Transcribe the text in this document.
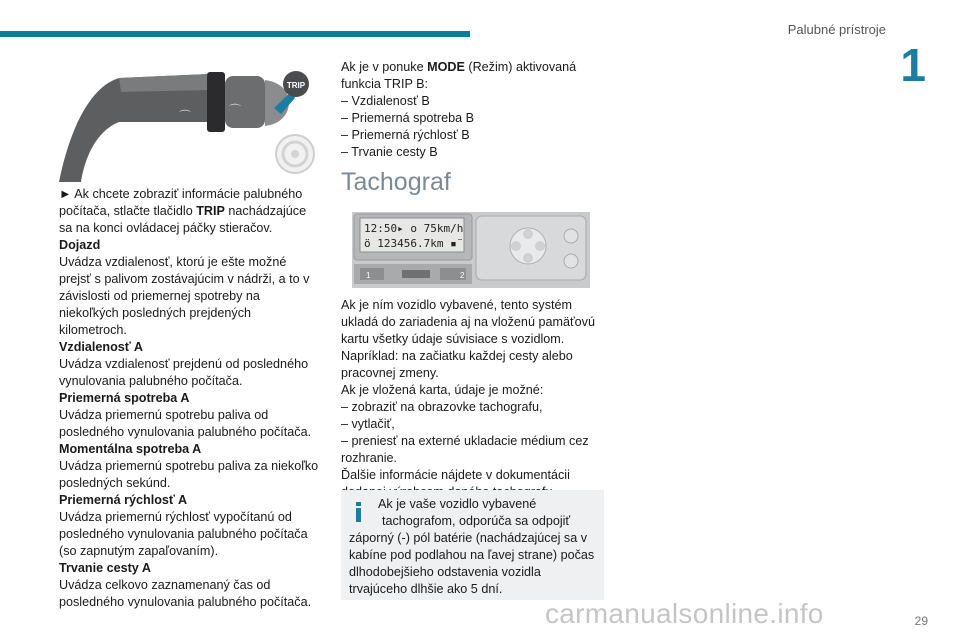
Palubné prístroje
1
⌒	⌒
TRIP

► Ak chcete zobraziť informácie palubného počítača, stlačte tlačidlo TRIP nachádzajúce sa na konci ovládacej páčky stieračov.

Dojazd

Uvádza vzdialenosť, ktorú je ešte možné prejsť s palivom zostávajúcim v nádrži, a to v závislosti od priemernej spotreby na niekoľkých posledných prejdených kilometroch.

Vzdialenosť A

Uvádza vzdialenosť prejdenú od posledného vynulovania palubného počítača.

Priemerná spotreba A

Uvádza priemernú spotrebu paliva od posledného vynulovania palubného počítača.

Momentálna spotreba A

Uvádza priemernú spotrebu paliva za niekoľko posledných sekúnd.

Priemerná rýchlosť A

Uvádza priemernú rýchlosť vypočítanú od posledného vynulovania palubného počítača (so zapnutým zapaľovaním).

Trvanie cesty A

Uvádza celkovo zaznamenaný čas od posledného vynulovania palubného počítača.

Ak je v ponuke MODE (Režim) aktivovaná funkcia TRIP B:

– Vzdialenosť B

– Priemerná spotreba B

– Priemerná rýchlosť B

– Trvanie cesty B

Tachograf
12:50▸ o 75km/h
ö 123456.7km ▪̈
1	2

Ak je ním vozidlo vybavené, tento systém ukladá do zariadenia aj na vloženú pamäťovú kartu všetky údaje súvisiace s vozidlom.

Napríklad: na začiatku každej cesty alebo pracovnej zmeny.

Ak je vložená karta, údaje je možné:

– zobraziť na obrazovke tachografu,

– vytlačiť,

– preniesť na externé ukladacie médium cez rozhranie.

Ďalšie informácie nájdete v dokumentácii

Ak je vaše vozidlo vybavené

tachografom, odporúča sa odpojiť záporný (-) pól batérie (nachádzajúcej sa v kabíne pod podlahou na ľavej strane) počas dlhodobejšieho odstavenia vozidla trvajúceho dlhšie ako 5 dní.

29
carmanualsonline.info
